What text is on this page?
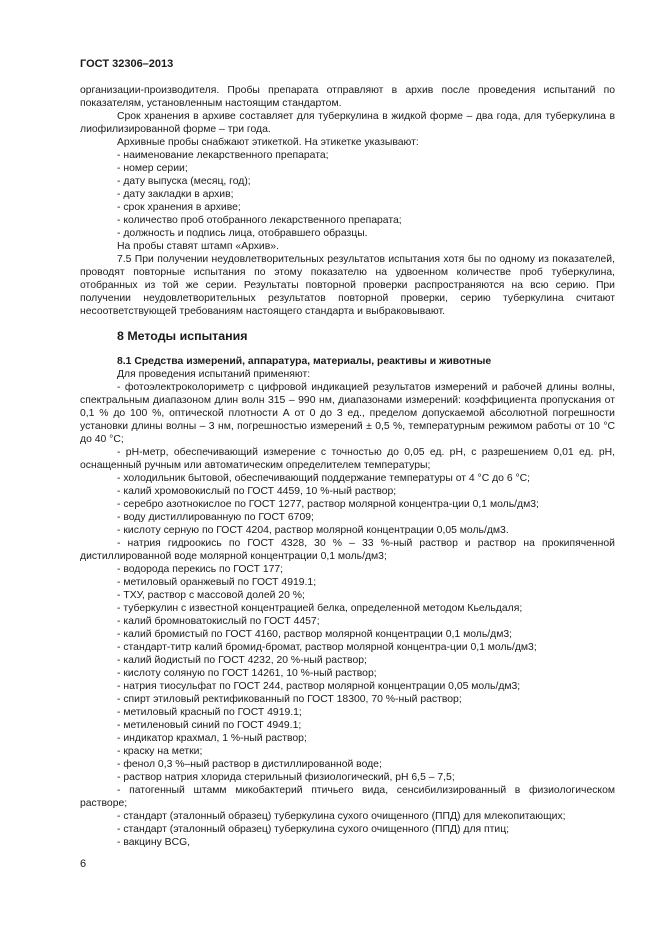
ГОСТ 32306–2013

организации-производителя. Пробы препарата отправляют в архив после проведения испытаний по показателям, установленным настоящим стандартом.

Срок хранения в архиве составляет для туберкулина в жидкой форме – два года, для туберкулина в лиофилизированной форме – три года.

Архивные пробы снабжают этикеткой. На этикетке указывают:

- наименование лекарственного препарата;

- номер серии;

- дату выпуска (месяц, год);

- дату закладки в архив;

- срок хранения в архиве;

- количество проб отобранного лекарственного препарата;

- должность и подпись лица, отобравшего образцы.

На пробы ставят штамп «Архив».

7.5 При получении неудовлетворительных результатов испытания хотя бы по одному из показателей, проводят повторные испытания по этому показателю на удвоенном количестве проб туберкулина, отобранных из той же серии. Результаты повторной проверки распространяются на всю серию. При получении неудовлетворительных результатов повторной проверки, серию туберкулина считают несоответствующей требованиям настоящего стандарта и выбраковывают.

8 Методы испытания

8.1 Средства измерений, аппаратура, материалы, реактивы и животные

Для проведения испытаний применяют:

- фотоэлектроколориметр с цифровой индикацией результатов измерений и рабочей длины волны, спектральным диапазоном длин волн 315 – 990 нм, диапазонами измерений: коэффициента пропускания от 0,1 % до 100 %, оптической плотности А от 0 до 3 ед., пределом допускаемой абсолютной погрешности установки длины волны – 3 нм, погрешностью измерений ± 0,5 %, температурным режимом работы от 10 °С до 40 °С;

- рН-метр, обеспечивающий измерение с точностью до 0,05 ед. рН, с разрешением 0,01 ед. рН, оснащенный ручным или автоматическим определителем температуры;

- холодильник бытовой, обеспечивающий поддержание температуры от 4 °С до 6 °С;

- калий хромовокислый по ГОСТ 4459, 10 %-ный раствор;

- серебро азотнокислое по ГОСТ 1277, раствор молярной концентра-ции 0,1 моль/дм3;

- воду дистиллированную по ГОСТ 6709;

- кислоту серную по ГОСТ 4204, раствор молярной концентрации 0,05 моль/дм3.

- натрия гидроокись по ГОСТ 4328, 30 % – 33 %-ный раствор и раствор на прокипяченной дистиллированной воде молярной концентрации 0,1 моль/дм3;

- водорода перекись по ГОСТ 177;

- метиловый оранжевый по ГОСТ 4919.1;

- ТХУ, раствор с массовой долей 20 %;

- туберкулин с известной концентрацией белка, определенной методом Кьельдаля;

- калий бромноватокислый по ГОСТ 4457;

- калий бромистый по ГОСТ 4160, раствор молярной концентрации 0,1 моль/дм3;

- стандарт-титр калий бромид-бромат, раствор молярной концентра-ции 0,1 моль/дм3;

- калий йодистый по ГОСТ 4232, 20 %-ный раствор;

- кислоту соляную по ГОСТ 14261, 10 %-ный раствор;

- натрия тиосульфат по ГОСТ 244, раствор молярной концентрации 0,05 моль/дм3;

- спирт этиловый ректификованный по ГОСТ 18300, 70 %-ный раствор;

- метиловый красный по ГОСТ 4919.1;

- метиленовый синий по ГОСТ 4949.1;

- индикатор крахмал, 1 %-ный раствор;

- краску на метки;

- фенол 0,3 %–ный раствор в дистиллированной воде;

- раствор натрия хлорида стерильный физиологический, рН 6,5 – 7,5;

- патогенный штамм микобактерий птичьего вида, сенсибилизированный в физиологическом растворе;

- стандарт (эталонный образец) туберкулина сухого очищенного (ППД) для млекопитающих;

- стандарт (эталонный образец) туберкулина сухого очищенного (ППД) для птиц;

- вакцину BCG,

6
